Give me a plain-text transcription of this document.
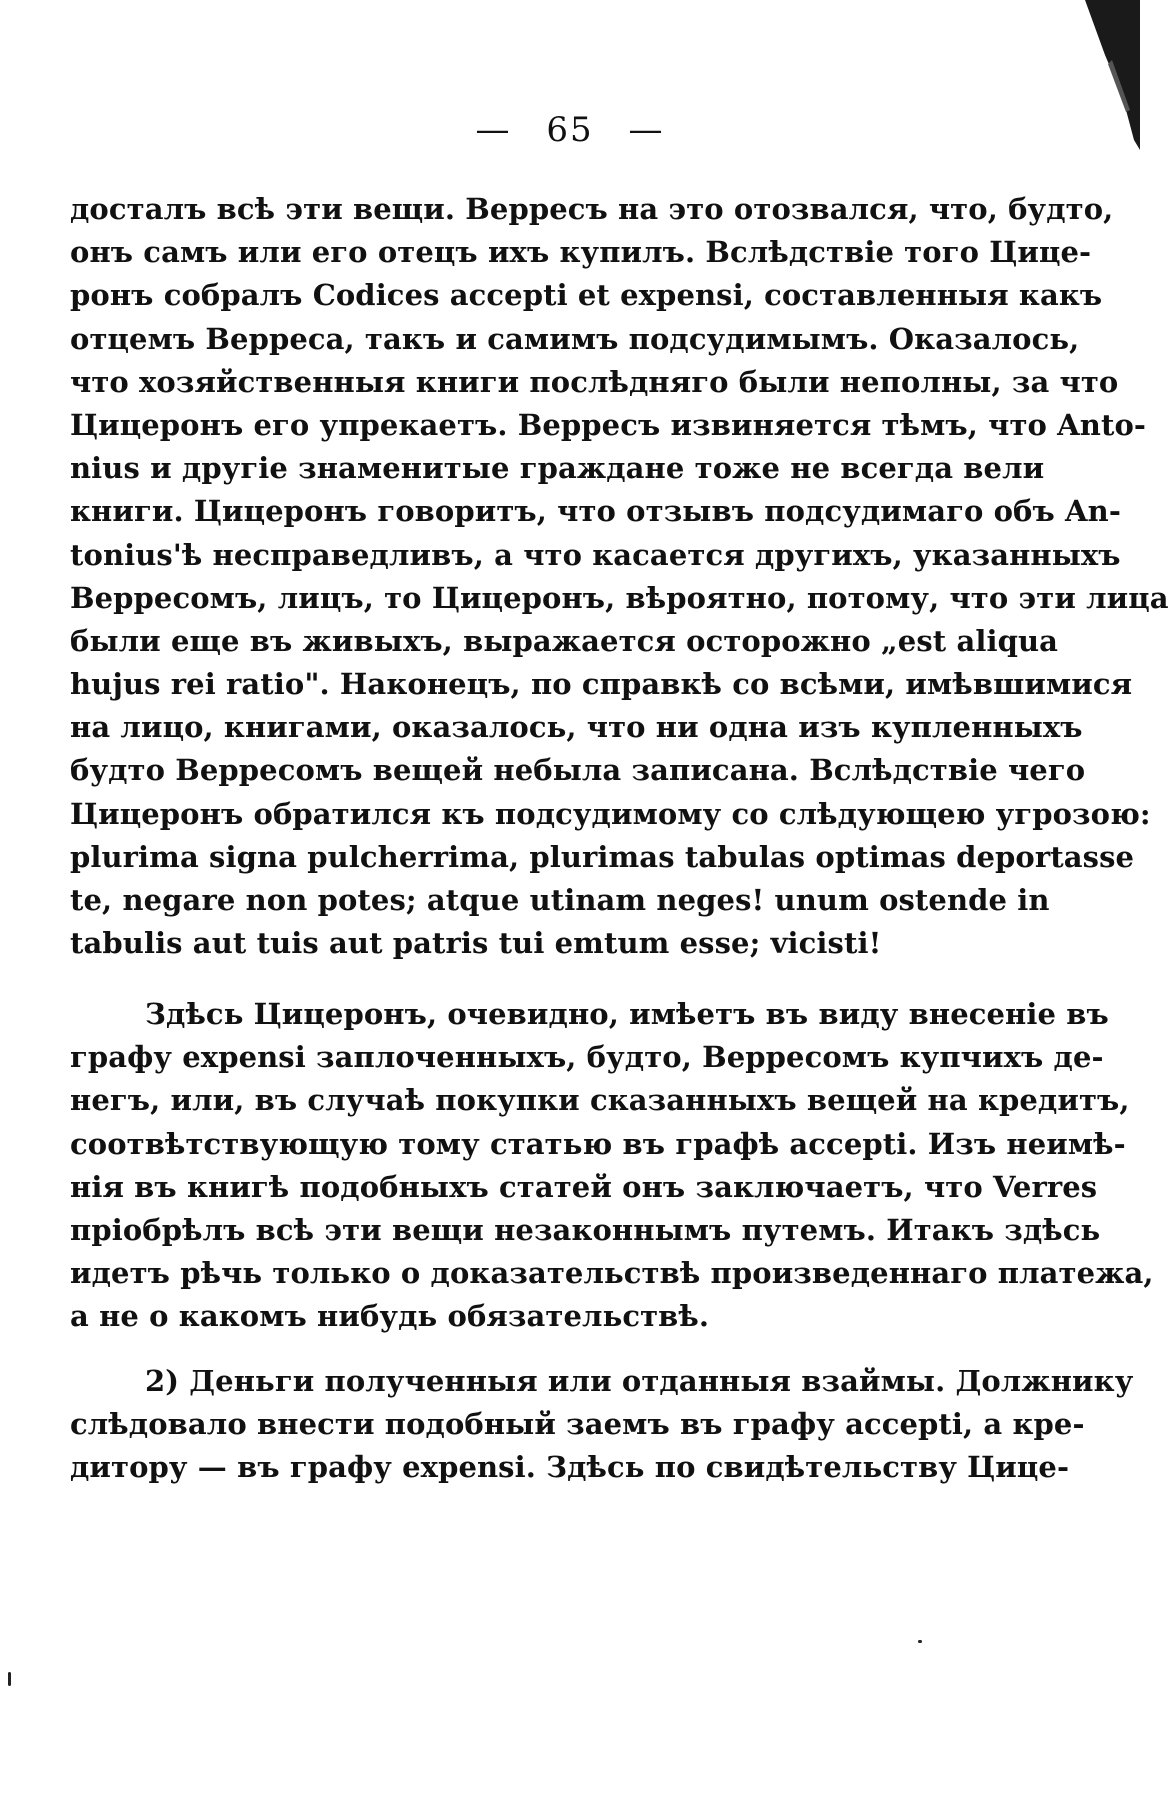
— 65 —
досталъ всѣ эти вещи. Верресъ на это отозвался, что, будто,
онъ самъ или его отецъ ихъ купилъ. Вслѣдствіе того Цице-
ронъ собралъ Codices accepti et expensi, составленныя какъ
отцемъ Верреса, такъ и самимъ подсудимымъ. Оказалось,
что хозяйственныя книги послѣдняго были неполны, за что
Цицеронъ его упрекаетъ. Верресъ извиняется тѣмъ, что Anto-
nius и другіе знаменитые граждане тоже не всегда вели
книги. Цицеронъ говоритъ, что отзывъ подсудимаго объ An-
tonius'ѣ несправедливъ, а что касается другихъ, указанныхъ
Верресомъ, лицъ, то Цицеронъ, вѣроятно, потому, что эти лица
были еще въ живыхъ, выражается осторожно „est aliqua
hujus rei ratio". Наконецъ, по справкѣ со всѣми, имѣвшимися
на лицо, книгами, оказалось, что ни одна изъ купленныхъ
будто Верресомъ вещей небыла записана. Вслѣдствіе чего
Цицеронъ обратился къ подсудимому со слѣдующею угрозою:
plurima signa pulcherrima, plurimas tabulas optimas deportasse
te, negare non potes; atque utinam neges! unum ostende in
tabulis aut tuis aut patris tui emtum esse; vicisti!
Здѣсь Цицеронъ, очевидно, имѣетъ въ виду внесеніе въ
графу expensi заплоченныхъ, будто, Верресомъ купчихъ де-
негъ, или, въ случаѣ покупки сказанныхъ вещей на кредитъ,
соотвѣтствующую тому статью въ графѣ accepti. Изъ неимѣ-
нія въ книгѣ подобныхъ статей онъ заключаетъ, что Verres
пріобрѣлъ всѣ эти вещи незаконнымъ путемъ. Итакъ здѣсь
идетъ рѣчь только о доказательствѣ произведеннаго платежа,
а не о какомъ нибудь обязательствѣ.
2) Деньги полученныя или отданныя взаймы. Должнику
слѣдовало внести подобный заемъ въ графу accepti, а кре-
дитору — въ графу expensi. Здѣсь по свидѣтельству Цице-
